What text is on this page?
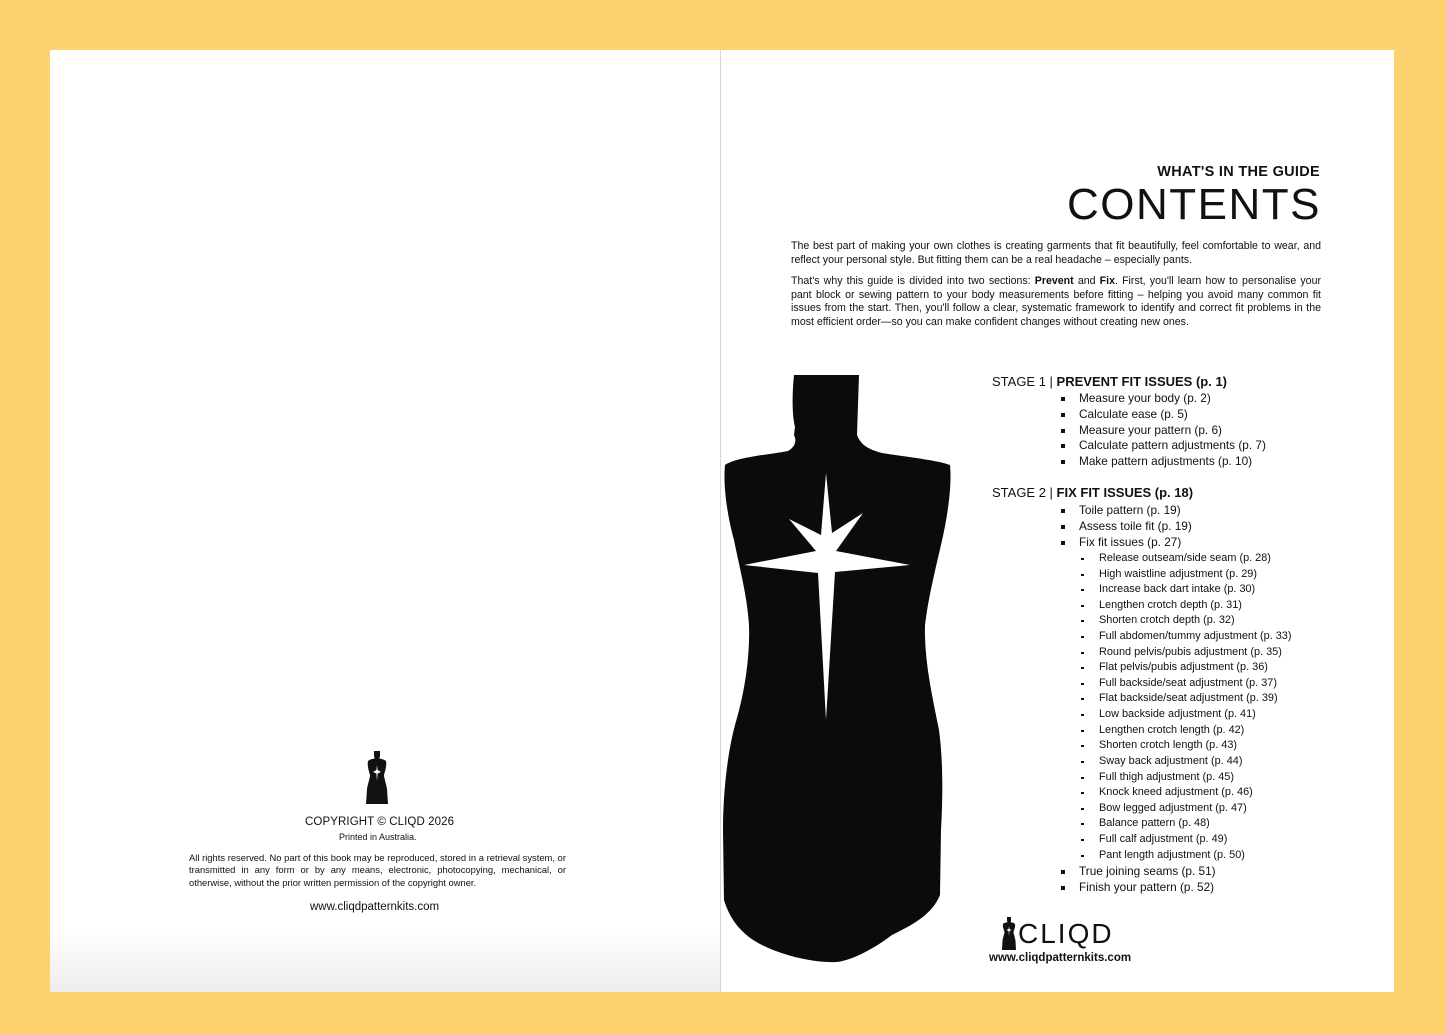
COPYRIGHT © CLIQD 2026
Printed in Australia.
All rights reserved. No part of this book may be reproduced, stored in a retrieval system, or transmitted in any form or by any means, electronic, photocopying, mechanical, or otherwise, without the prior written permission of the copyright owner.
www.cliqdpatternkits.com
WHAT'S IN THE GUIDE
CONTENTS

The best part of making your own clothes is creating garments that fit beautifully, feel comfortable to wear, and reflect your personal style. But fitting them can be a real headache – especially pants.

That's why this guide is divided into two sections: Prevent and Fix. First, you'll learn how to personalise your pant block or sewing pattern to your body measurements before fitting – helping you avoid many common fit issues from the start. Then, you'll follow a clear, systematic framework to identify and correct fit problems in the most efficient order—so you can make confident changes without creating new ones.

STAGE 1 | PREVENT FIT ISSUES (p. 1)
Measure your body (p. 2)
Calculate ease (p. 5)
Measure your pattern (p. 6)
Calculate pattern adjustments (p. 7)
Make pattern adjustments (p. 10)
STAGE 2 | FIX FIT ISSUES (p. 18)
Toile pattern (p. 19)
Assess toile fit (p. 19)
Fix fit issues (p. 27)
Release outseam/side seam (p. 28)
High waistline adjustment (p. 29)
Increase back dart intake (p. 30)
Lengthen crotch depth (p. 31)
Shorten crotch depth (p. 32)
Full abdomen/tummy adjustment (p. 33)
Round pelvis/pubis adjustment (p. 35)
Flat pelvis/pubis adjustment (p. 36)
Full backside/seat adjustment (p. 37)
Flat backside/seat adjustment (p. 39)
Low backside adjustment (p. 41)
Lengthen crotch length (p. 42)
Shorten crotch length (p. 43)
Sway back adjustment (p. 44)
Full thigh adjustment (p. 45)
Knock kneed adjustment (p. 46)
Bow legged adjustment (p. 47)
Balance pattern (p. 48)
Full calf adjustment (p. 49)
Pant length adjustment (p. 50)
True joining seams (p. 51)
Finish your pattern (p. 52)
CLIQD
www.cliqdpatternkits.com
